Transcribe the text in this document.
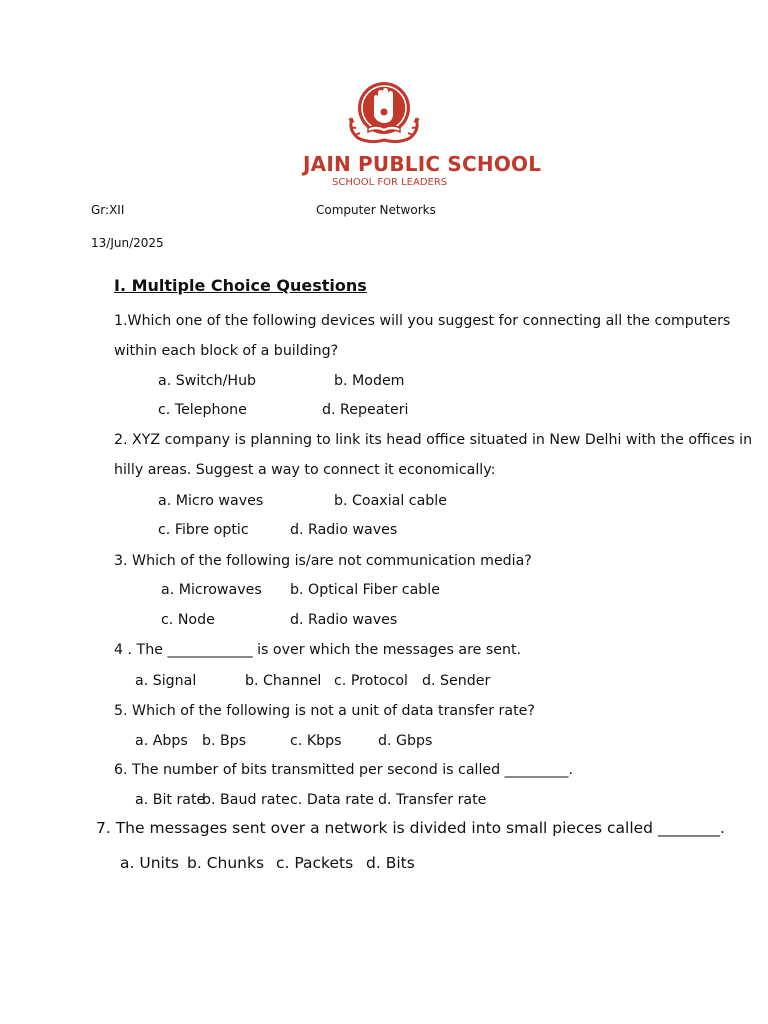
JAIN PUBLIC SCHOOL
SCHOOL FOR LEADERS
Gr:XII	Computer Networks
13/Jun/2025
I. Multiple Choice Questions
1.Which one of the following devices will you suggest for connecting all the computers
within each block of a building?
a. Switch/Hub	b. Modem
c. Telephone	d. Repeateri
2. XYZ company is planning to link its head office situated in New Delhi with the offices in
hilly areas. Suggest a way to connect it economically:
a. Micro waves	b. Coaxial cable
c. Fibre optic	d. Radio waves
3. Which of the following is/are not communication media?
a. Microwaves b. Optical Fiber cable
c. Node	d. Radio waves
4 . The ____________ is over which the messages are sent.
a. Signal	b. Channel c. Protocol d. Sender
5. Which of the following is not a unit of data transfer rate?
a. Abps b. Bps	c. Kbps	d. Gbps
6. The number of bits transmitted per second is called _________.
a. Bit rate
b. Baud rate c. Data rate d. Transfer rate
7. The messages sent over a network is divided into small pieces called ________.
a. Units b. Chunks c. Packets d. Bits
